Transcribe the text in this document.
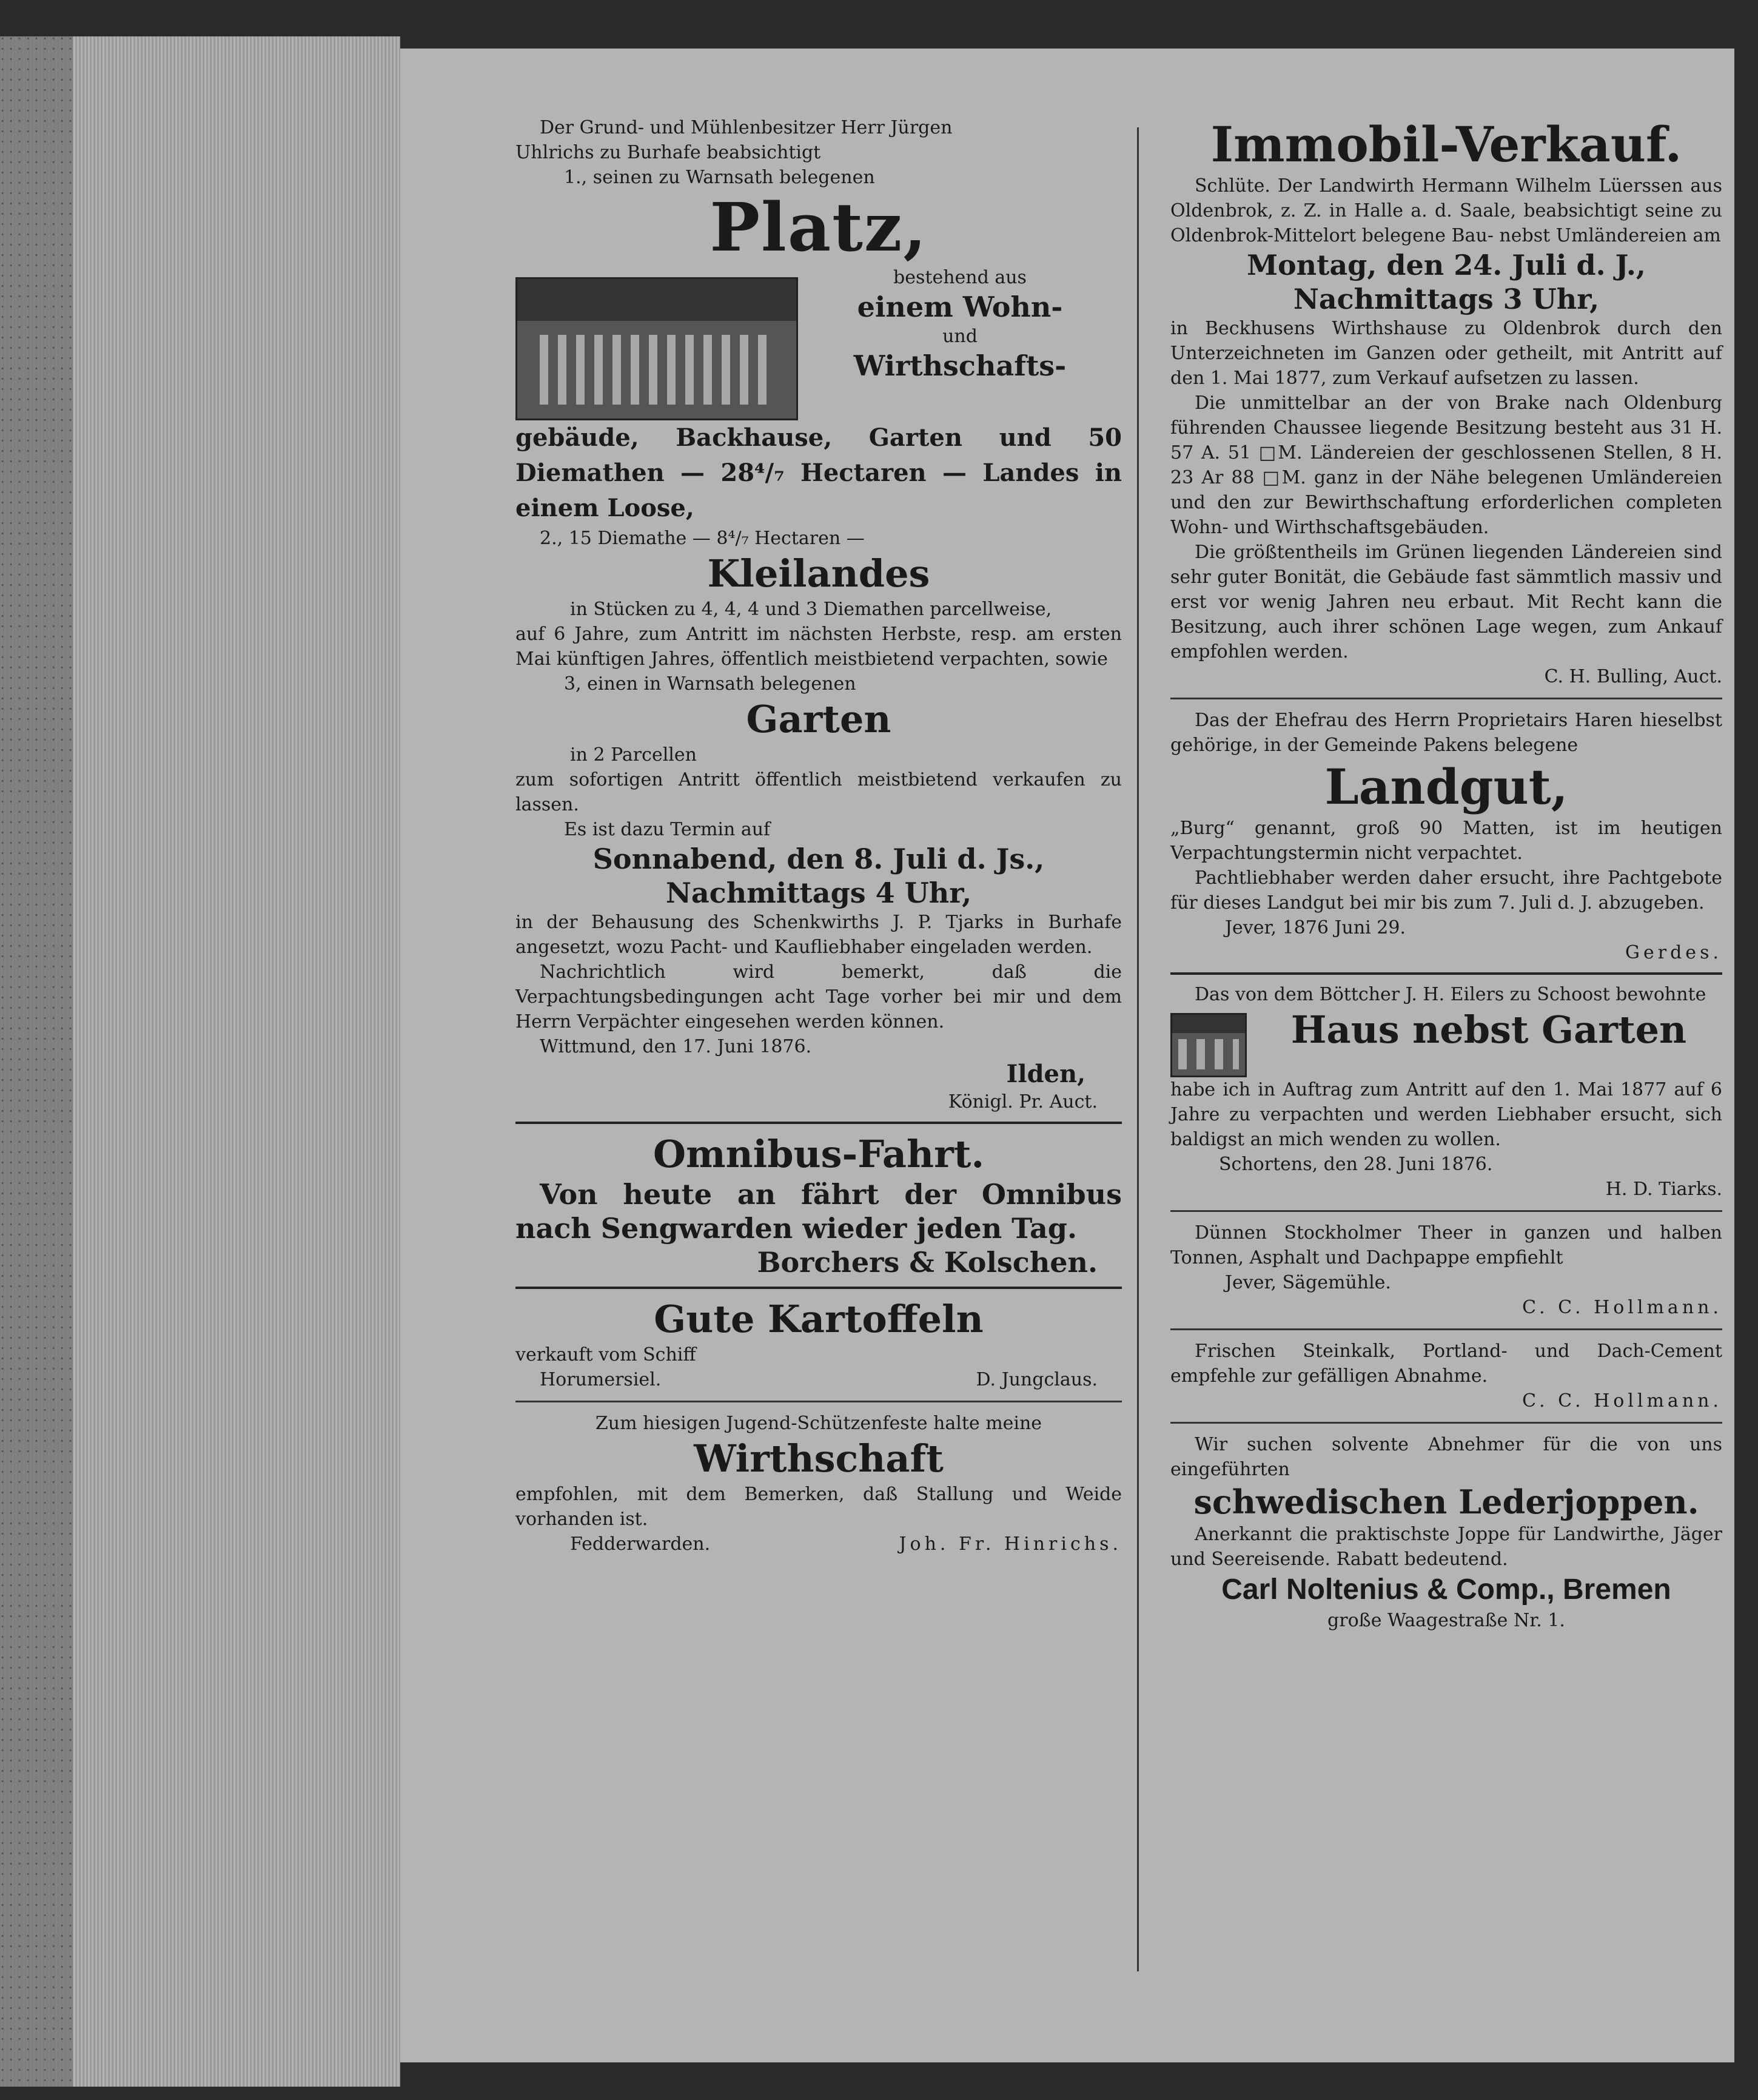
Der Grund- und Mühlenbesitzer Herr Jürgen

Uhlrichs zu Burhafe beabsichtigt

1., seinen zu Warnsath belegenen

Platz,

bestehend aus

einem Wohn-

und

Wirthschafts-

gebäude, Backhause, Garten und 50 Diemathen — 28⁴/₇ Hectaren — Landes in einem Loose,

2., 15 Diemathe — 8⁴/₇ Hectaren —

Kleilandes

in Stücken zu 4, 4, 4 und 3 Diemathen parcellweise,

auf 6 Jahre, zum Antritt im nächsten Herbste, resp. am ersten Mai künftigen Jahres, öffentlich meistbietend verpachten, sowie

3, einen in Warnsath belegenen

Garten

in 2 Parcellen

zum sofortigen Antritt öffentlich meistbietend verkaufen zu lassen.

Es ist dazu Termin auf

Sonnabend, den 8. Juli d. Js.,

Nachmittags 4 Uhr,

in der Behausung des Schenkwirths J. P. Tjarks in Burhafe angesetzt, wozu Pacht- und Kaufliebhaber eingeladen werden.

Nachrichtlich wird bemerkt, daß die Verpachtungsbedingungen acht Tage vorher bei mir und dem Herrn Verpächter eingesehen werden können.

Wittmund, den 17. Juni 1876.

Ilden,

Königl. Pr. Auct.

Omnibus-Fahrt.

Von heute an fährt der Omnibus nach Sengwarden wieder jeden Tag.

Borchers & Kolschen.

Gute Kartoffeln

verkauft vom Schiff

Horumersiel.	D. Jungclaus.

Zum hiesigen Jugend-Schützenfeste halte meine

Wirthschaft

empfohlen, mit dem Bemerken, daß Stallung und Weide vorhanden ist.

Fedderwarden.	Joh. Fr. Hinrichs.

Immobil-Verkauf.

Schlüte. Der Landwirth Hermann Wilhelm Lüerssen aus Oldenbrok, z. Z. in Halle a. d. Saale, beabsichtigt seine zu Oldenbrok-Mittelort belegene Bau- nebst Umländereien am

Montag, den 24. Juli d. J.,

Nachmittags 3 Uhr,

in Beckhusens Wirthshause zu Oldenbrok durch den Unterzeichneten im Ganzen oder getheilt, mit Antritt auf den 1. Mai 1877, zum Verkauf aufsetzen zu lassen.

Die unmittelbar an der von Brake nach Oldenburg führenden Chaussee liegende Besitzung besteht aus 31 H. 57 A. 51 □M. Ländereien der geschlossenen Stellen, 8 H. 23 Ar 88 □M. ganz in der Nähe belegenen Umländereien und den zur Bewirthschaftung erforderlichen completen Wohn- und Wirthschaftsgebäuden.

Die größtentheils im Grünen liegenden Ländereien sind sehr guter Bonität, die Gebäude fast sämmtlich massiv und erst vor wenig Jahren neu erbaut. Mit Recht kann die Besitzung, auch ihrer schönen Lage wegen, zum Ankauf empfohlen werden.

C. H. Bulling, Auct.

Das der Ehefrau des Herrn Proprietairs Haren hieselbst gehörige, in der Gemeinde Pakens belegene

Landgut,

„Burg“ genannt, groß 90 Matten, ist im heutigen Verpachtungstermin nicht verpachtet.

Pachtliebhaber werden daher ersucht, ihre Pachtgebote für dieses Landgut bei mir bis zum 7. Juli d. J. abzugeben.

Jever, 1876 Juni 29.

Gerdes.

Das von dem Böttcher J. H. Eilers zu Schoost bewohnte

Haus nebst Garten

habe ich in Auftrag zum Antritt auf den 1. Mai 1877 auf 6 Jahre zu verpachten und werden Liebhaber ersucht, sich baldigst an mich wenden zu wollen.

Schortens, den 28. Juni 1876.

H. D. Tiarks.

Dünnen Stockholmer Theer in ganzen und halben Tonnen, Asphalt und Dachpappe empfiehlt

Jever, Sägemühle.

C. C. Hollmann.

Frischen Steinkalk, Portland- und Dach-Cement empfehle zur gefälligen Abnahme.

C. C. Hollmann.

Wir suchen solvente Abnehmer für die von uns eingeführten

schwedischen Lederjoppen.

Anerkannt die praktischste Joppe für Landwirthe, Jäger und Seereisende. Rabatt bedeutend.

Carl Noltenius & Comp., Bremen

große Waagestraße Nr. 1.
